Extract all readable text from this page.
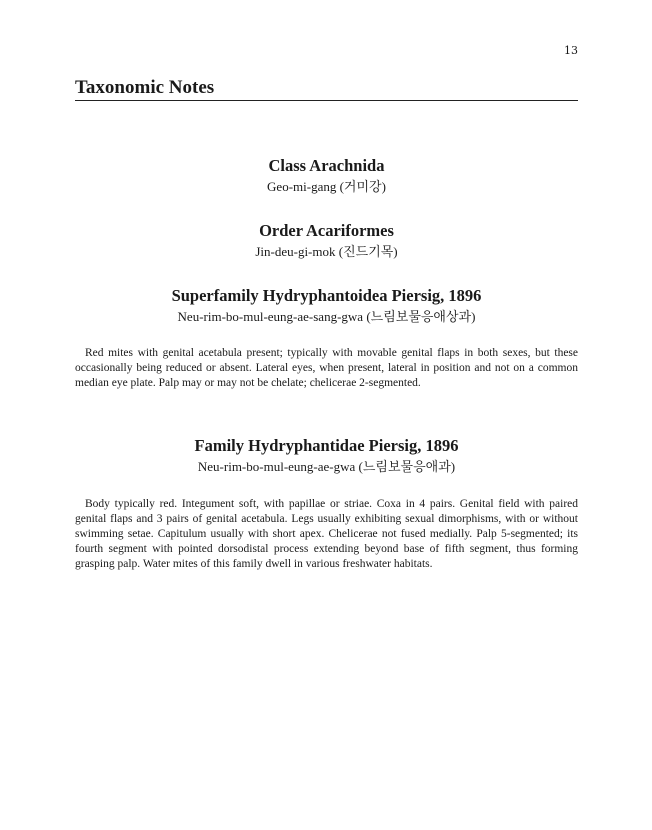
13
Taxonomic Notes
Class Arachnida
Geo-mi-gang (거미강)
Order Acariformes
Jin-deu-gi-mok (진드기목)
Superfamily Hydryphantoidea Piersig, 1896
Neu-rim-bo-mul-eung-ae-sang-gwa (느림보물응애상과)
Red mites with genital acetabula present; typically with movable genital flaps in both sexes, but these occasionally being reduced or absent. Lateral eyes, when present, lateral in position and not on a common median eye plate. Palp may or may not be chelate; chelicerae 2-segmented.
Family Hydryphantidae Piersig, 1896
Neu-rim-bo-mul-eung-ae-gwa (느림보물응애과)
Body typically red. Integument soft, with papillae or striae. Coxa in 4 pairs. Genital field with paired genital flaps and 3 pairs of genital acetabula. Legs usually exhibiting sexual dimorphisms, with or without swimming setae. Capitulum usually with short apex. Chelicerae not fused medially. Palp 5-segmented; its fourth segment with pointed dorsodistal process extending beyond base of fifth segment, thus forming grasping palp. Water mites of this family dwell in various freshwater habitats.
